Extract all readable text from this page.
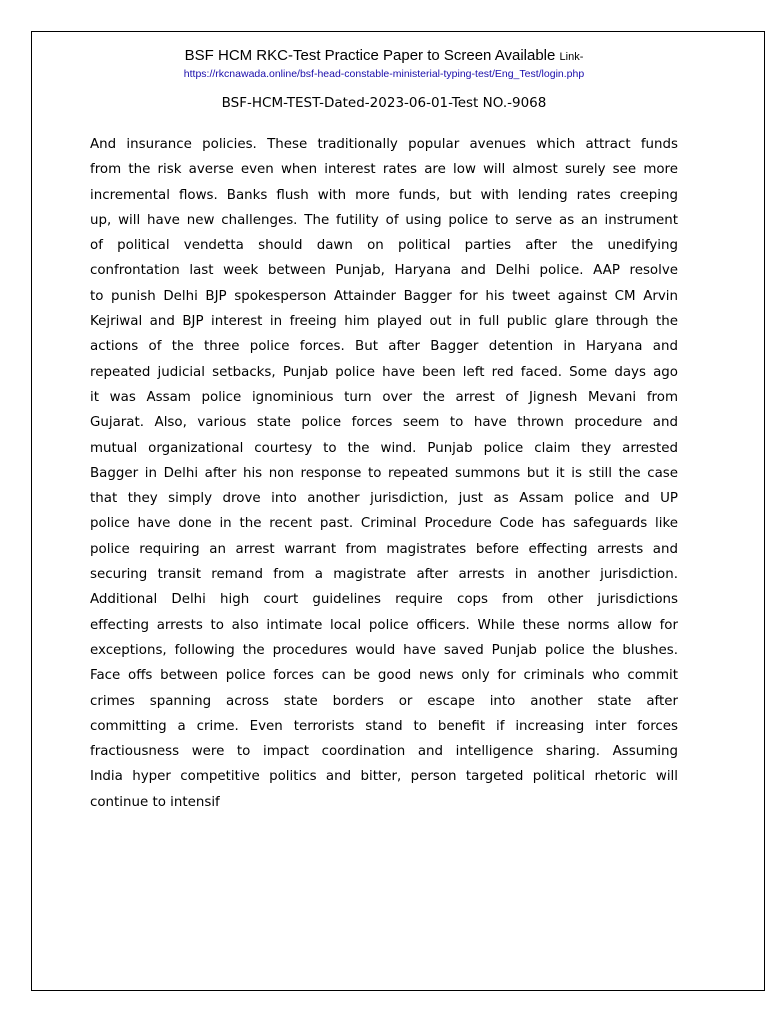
BSF HCM RKC-Test Practice Paper to Screen Available Link-
https://rkcnawada.online/bsf-head-constable-ministerial-typing-test/Eng_Test/login.php
BSF-HCM-TEST-Dated-2023-06-01-Test NO.-9068
And insurance policies. These traditionally popular avenues which attract funds
from the risk averse even when interest rates are low will almost surely see more
incremental flows. Banks flush with more funds, but with lending rates creeping
up, will have new challenges. The futility of using police to serve as an instrument
of political vendetta should dawn on political parties after the unedifying
confrontation last week between Punjab, Haryana and Delhi police. AAP resolve
to punish Delhi BJP spokesperson Attainder Bagger for his tweet against CM Arvin
Kejriwal and BJP interest in freeing him played out in full public glare through the
actions of the three police forces. But after Bagger detention in Haryana and
repeated judicial setbacks, Punjab police have been left red faced. Some days ago
it was Assam police ignominious turn over the arrest of Jignesh Mevani from
Gujarat. Also, various state police forces seem to have thrown procedure and
mutual organizational courtesy to the wind. Punjab police claim they arrested
Bagger in Delhi after his non response to repeated summons but it is still the case
that they simply drove into another jurisdiction, just as Assam police and UP
police have done in the recent past. Criminal Procedure Code has safeguards like
police requiring an arrest warrant from magistrates before effecting arrests and
securing transit remand from a magistrate after arrests in another jurisdiction.
Additional Delhi high court guidelines require cops from other jurisdictions
effecting arrests to also intimate local police officers. While these norms allow for
exceptions, following the procedures would have saved Punjab police the blushes.
Face offs between police forces can be good news only for criminals who commit
crimes spanning across state borders or escape into another state after
committing a crime. Even terrorists stand to benefit if increasing inter forces
fractiousness were to impact coordination and intelligence sharing. Assuming
India hyper competitive politics and bitter, person targeted political rhetoric will
continue to intensif
